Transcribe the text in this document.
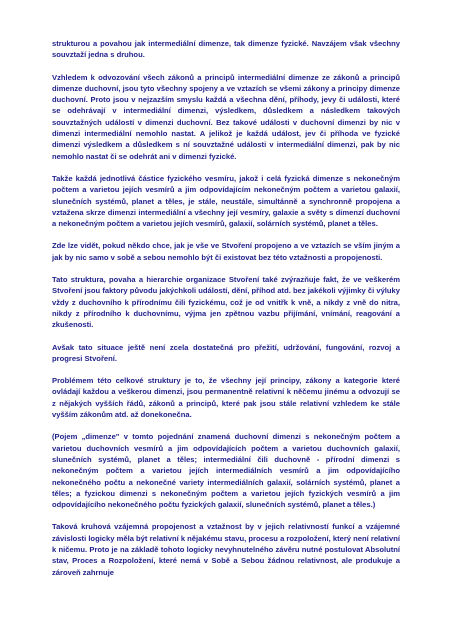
strukturou a povahou jak intermediální dimenze, tak dimenze fyzické. Navzájem však všechny souvztaží jedna s druhou.

Vzhledem k odvozování všech zákonů a principů intermediální dimenze ze zákonů a principů dimenze duchovní, jsou tyto všechny spojeny a ve vztazích se všemi zákony a principy dimenze duchovní. Proto jsou v nejzazším smyslu každá a všechna dění, příhody, jevy či události, které se odehrávají v intermediální dimenzi, výsledkem, důsledkem a následkem takových souvztažných událostí v dimenzi duchovní. Bez takové události v duchovní dimenzi by nic v dimenzi intermediální nemohlo nastat. A jelikož je každá událost, jev či příhoda ve fyzické dimenzi výsledkem a důsledkem s ní souvztažné události v intermediální dimenzi, pak by nic nemohlo nastat či se odehrát ani v dimenzi fyzické.

Takže každá jednotlivá částice fyzického vesmíru, jakož i celá fyzická dimenze s nekonečným počtem a varietou jejích vesmírů a jim odpovídajícím nekonečným počtem a varietou galaxií, slunečních systémů, planet a těles, je stále, neustále, simultánně a synchronně propojena a vztažena skrze dimenzi intermediální a všechny její vesmíry, galaxie a světy s dimenzí duchovní a nekonečným počtem a varietou jejích vesmírů, galaxií, solárních systémů, planet a těles.

Zde lze vidět, pokud někdo chce, jak je vše ve Stvoření propojeno a ve vztazích se vším jiným a jak by nic samo v sobě a sebou nemohlo být či existovat bez této vztažnosti a propojenosti.

Tato struktura, povaha a hierarchie organizace Stvoření také zvýrazňuje fakt, že ve veškerém Stvoření jsou faktory původu jakýchkoli událostí, dění, příhod atd. bez jakékoli výjimky či výluky vždy z duchovního k přírodnímu čili fyzickému, což je od vnitřk k vně, a nikdy z vně do nitra, nikdy z přírodního k duchovnímu, výjma jen zpětnou vazbu přijímání, vnímání, reagování a zkušenosti.

Avšak tato situace ještě není zcela dostatečná pro přežití, udržování, fungování, rozvoj a progresi Stvoření.

Problémem této celkové struktury je to, že všechny její principy, zákony a kategorie které ovládají každou a veškerou dimenzi, jsou permanentně relativní k něčemu jinému a odvozují se z nějakých vyšších řádů, zákonů a principů, které pak jsou stále relativní vzhledem ke stále vyšším zákonům atd. až donekonečna.

(Pojem „dimenze" v tomto pojednání znamená duchovní dimenzi s nekonečným počtem a varietou duchovních vesmírů a jim odpovídajících počtem a varietou duchovních galaxií, slunečních systémů, planet a těles; intermediální čili duchovně - přírodní dimenzi s nekonečným počtem a varietou jejích intermediálních vesmírů a jim odpovídajícího nekonečného počtu a nekonečné variety intermediálních galaxií, solárních systémů, planet a těles; a fyzickou dimenzi s nekonečným počtem a varietou jejích fyzických vesmírů a jim odpovídajícího nekonečného počtu fyzických galaxií, slunečních systémů, planet a těles.)

Taková kruhová vzájemná propojenost a vztažnost by v jejich relativností funkcí a vzájemné závislosti logicky měla být relativní k nějakému stavu, procesu a rozpoložení, který není relativní k ničemu. Proto je na základě tohoto logicky nevyhnutelného závěru nutné postulovat Absolutní stav, Proces a Rozpoložení, které nemá v Sobě a Sebou žádnou relativnost, ale produkuje a zároveň zahrnuje
